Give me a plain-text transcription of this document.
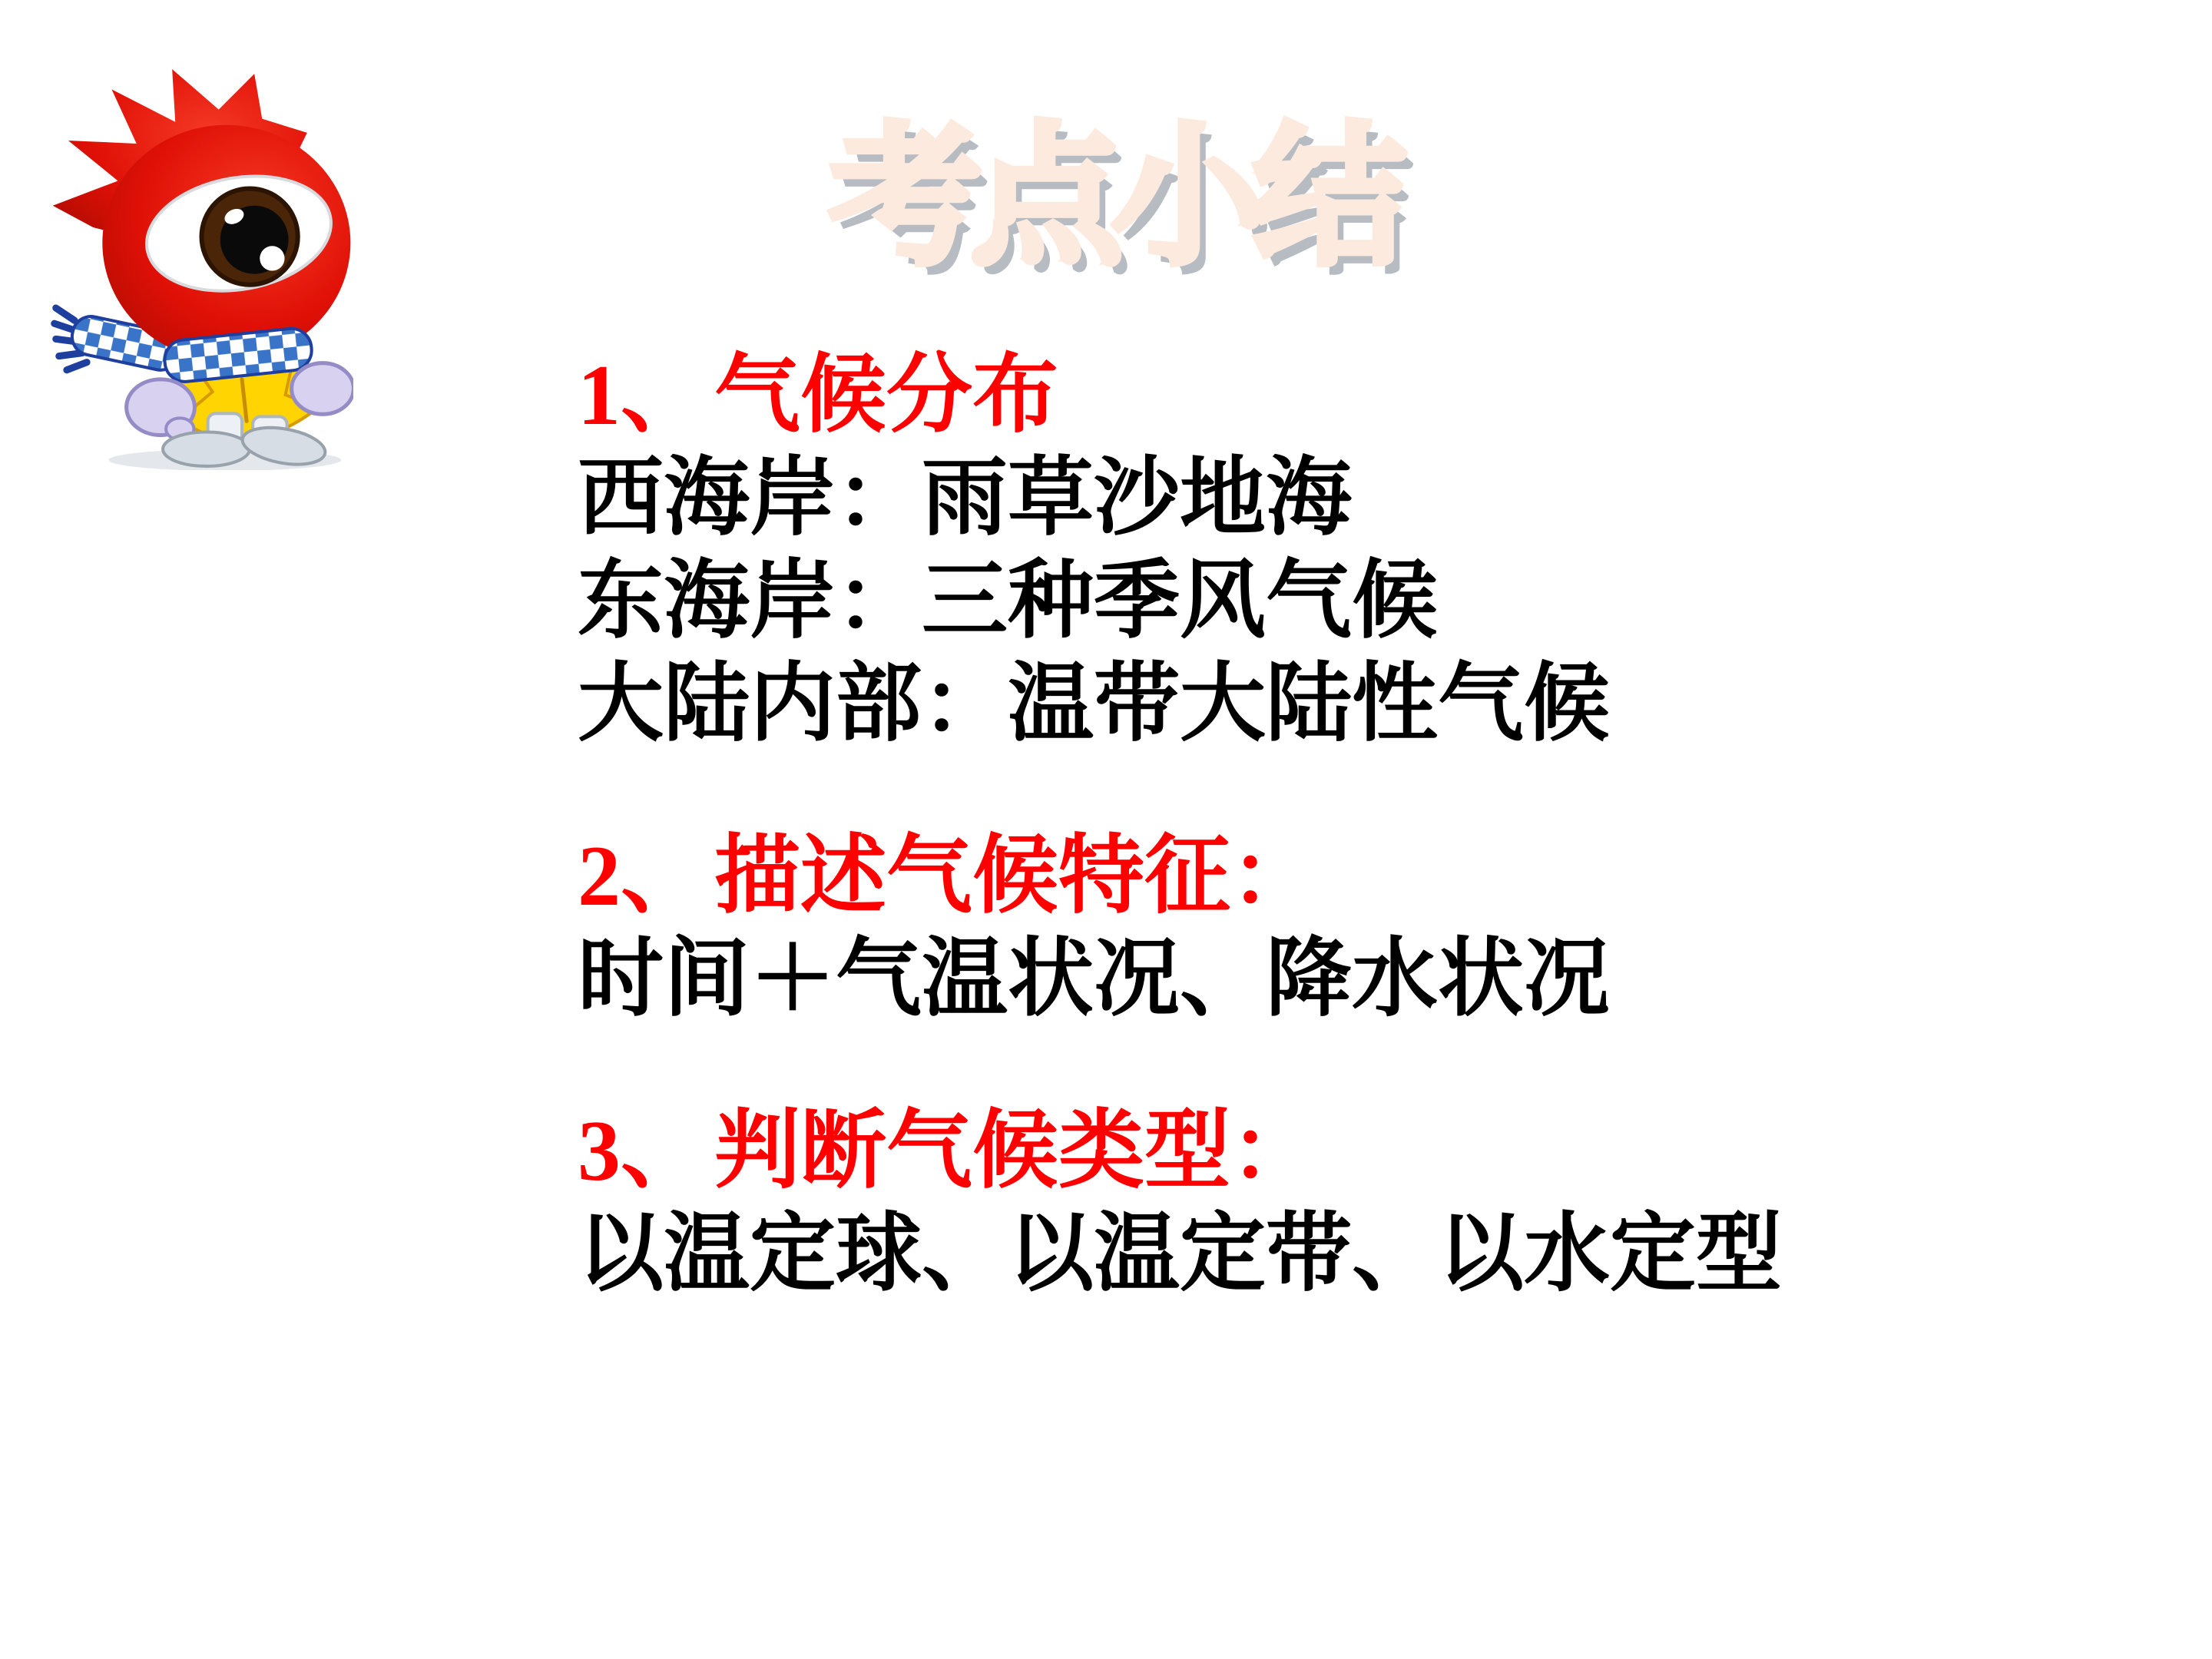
考点小结
1、气候分布
西海岸：雨草沙地海
东海岸：三种季风气候
大陆内部：温带大陆性气候
2、描述气候特征：
时间＋气温状况、降水状况
3、判断气候类型：
以温定球、以温定带、以水定型
